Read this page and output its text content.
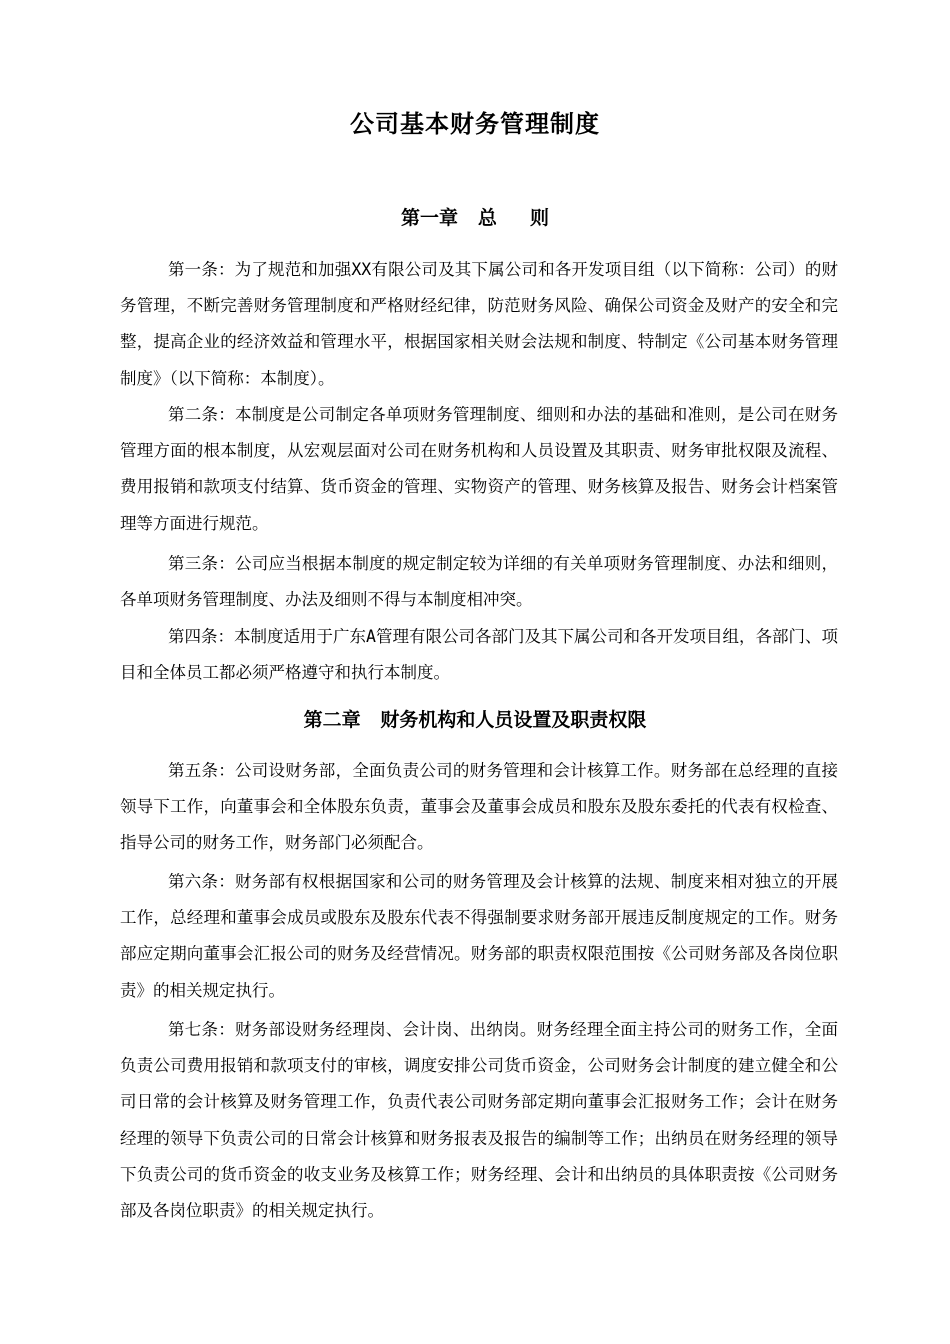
公司基本财务管理制度
第一章   总     则

第一条：为了规范和加强XX有限公司及其下属公司和各开发项目组（以下简称：公司）的财务管理，不断完善财务管理制度和严格财经纪律，防范财务风险、确保公司资金及财产的安全和完整，提高企业的经济效益和管理水平，根据国家相关财会法规和制度、特制定《公司基本财务管理制度》（以下简称：本制度）。

第二条：本制度是公司制定各单项财务管理制度、细则和办法的基础和准则，是公司在财务管理方面的根本制度，从宏观层面对公司在财务机构和人员设置及其职责、财务审批权限及流程、费用报销和款项支付结算、货币资金的管理、实物资产的管理、财务核算及报告、财务会计档案管理等方面进行规范。

第三条：公司应当根据本制度的规定制定较为详细的有关单项财务管理制度、办法和细则，各单项财务管理制度、办法及细则不得与本制度相冲突。

第四条：本制度适用于广东A管理有限公司各部门及其下属公司和各开发项目组，各部门、项目和全体员工都必须严格遵守和执行本制度。

第二章   财务机构和人员设置及职责权限

第五条：公司设财务部，全面负责公司的财务管理和会计核算工作。财务部在总经理的直接领导下工作，向董事会和全体股东负责，董事会及董事会成员和股东及股东委托的代表有权检查、指导公司的财务工作，财务部门必须配合。

第六条：财务部有权根据国家和公司的财务管理及会计核算的法规、制度来相对独立的开展工作，总经理和董事会成员或股东及股东代表不得强制要求财务部开展违反制度规定的工作。财务部应定期向董事会汇报公司的财务及经营情况。财务部的职责权限范围按《公司财务部及各岗位职责》的相关规定执行。

第七条：财务部设财务经理岗、会计岗、出纳岗。财务经理全面主持公司的财务工作，全面负责公司费用报销和款项支付的审核，调度安排公司货币资金，公司财务会计制度的建立健全和公司日常的会计核算及财务管理工作，负责代表公司财务部定期向董事会汇报财务工作；会计在财务经理的领导下负责公司的日常会计核算和财务报表及报告的编制等工作；出纳员在财务经理的领导下负责公司的货币资金的收支业务及核算工作；财务经理、会计和出纳员的具体职责按《公司财务部及各岗位职责》的相关规定执行。
